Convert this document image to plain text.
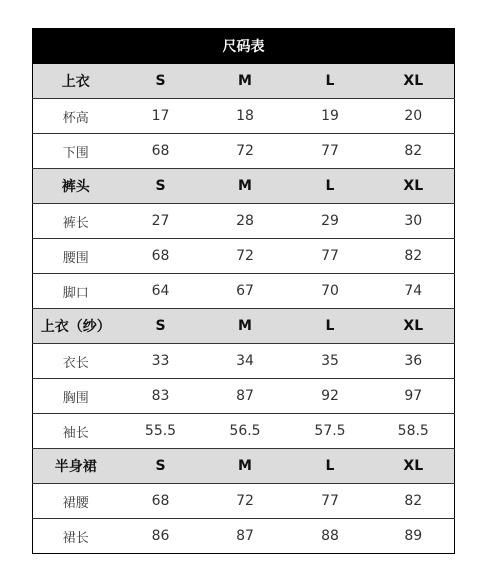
尺码表				
上衣	S	M	L	XL
杯高	17	18	19	20
下围	68	72	77	82
裤头	S	M	L	XL
裤长	27	28	29	30
腰围	68	72	77	82
脚口	64	67	70	74
上衣（纱）	S	M	L	XL
衣长	33	34	35	36
胸围	83	87	92	97
袖长	55.5	56.5	57.5	58.5
半身裙	S	M	L	XL
裙腰	68	72	77	82
裙长	86	87	88	89
